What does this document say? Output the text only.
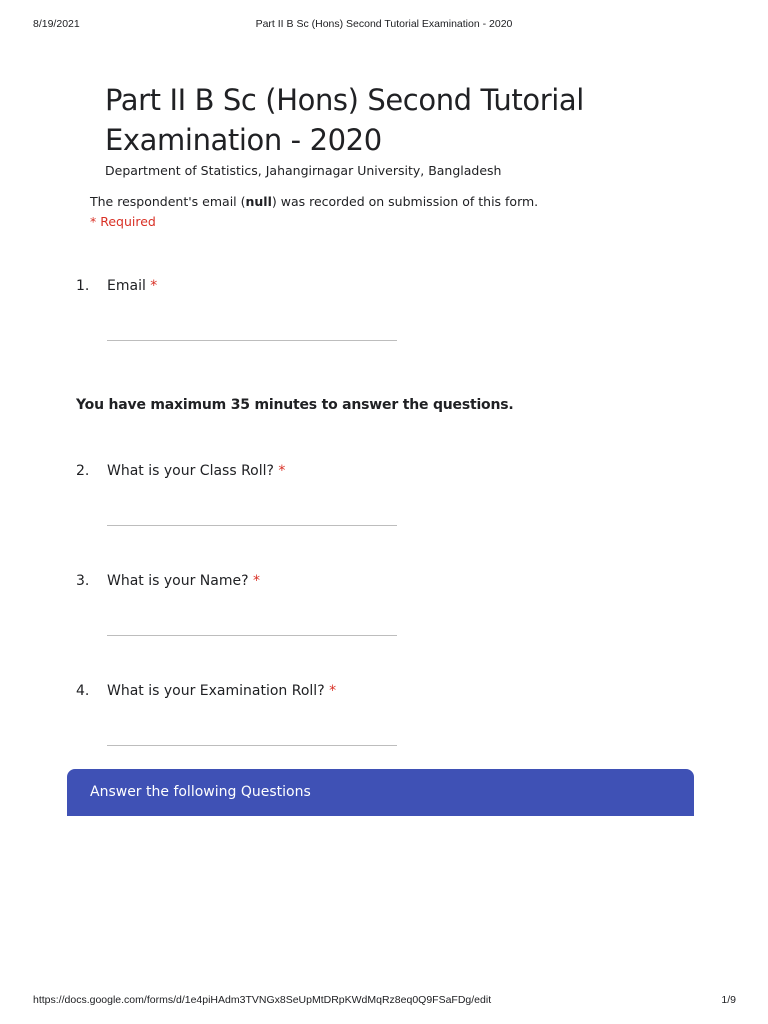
8/19/2021	Part II B Sc (Hons) Second Tutorial Examination - 2020
Part II B Sc (Hons) Second Tutorial
Examination - 2020
Department of Statistics, Jahangirnagar University, Bangladesh
The respondent's email (null) was recorded on submission of this form.
* Required
1. Email *
You have maximum 35 minutes to answer the questions.
2. What is your Class Roll? *
3. What is your Name? *
4. What is your Examination Roll? *
Answer the following Questions
https://docs.google.com/forms/d/1e4piHAdm3TVNGx8SeUpMtDRpKWdMqRz8eq0Q9FSaFDg/edit	1/9
